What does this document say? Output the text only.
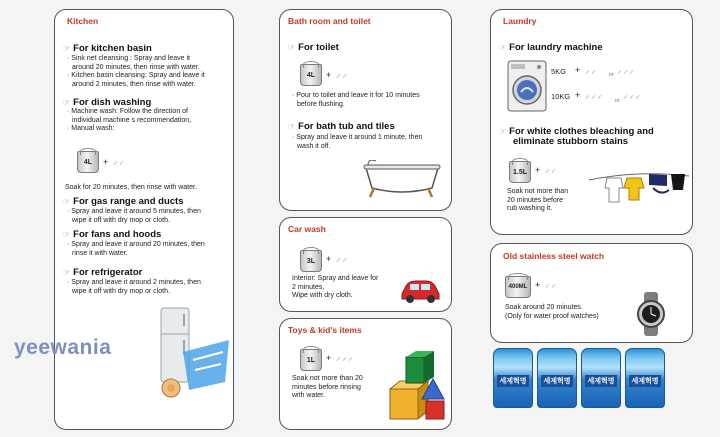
Kitchen
☞ For kitchen basin

· Sink net cleansing : Spray and leave it

around 20 minutes, then rinse with water.

· Kitchen basin cleansing: Spray and leave it

around 2 minutes, then rinse with water.

☞ For dish washing

· Machine wash: Follow the direction of

individual machine s recommendation,

· Manual wash:

4L	+ ⸝⸝
Soak for 20 minutes, then rinse with water.
☞ For gas range and ducts

· Spray and leave it around 5 minutes, then

wipe it off with dry mop or cloth.

☞ For fans and hoods

· Spray and leave it around 20 minutes, then

rinse it with water.

☞ For refrigerator

· Spray and leave it around 2 minutes, then

wipe it off with dry mop or cloth.

yeewania
Bath room and toilet
☞ For toilet
4L	+ ⸝⸝

· Pour to toilet and leave it for 10 minutes

before flushing.

☞ For bath tub and tiles

· Spray and leave it around 1 minute, then

wash it off.

Car wash
3L	+ ⸝⸝

Interior: Spray and leave for

2 minutes,

Wipe with dry cloth.

Toys & kid's items
1L	+ ⸝⸝⸝

Soak not more than 20

minutes before rinsing

with water.

Laundry
☞ For laundry machine
5KG + ⸝⸝ or ⸝⸝⸝
10KG + ⸝⸝⸝ or ⸝⸝⸝
☞ For white clothes bleaching and
eliminate stubborn stains
1.5L + ⸝⸝

Soak not more than

20 minutes before

rub washing it.

Old stainless steel watch
400ML + ⸝⸝

Soak around 20 minutes.

(Only for water proof watches)

세제혁명	세제혁명	세제혁명	세제혁명
